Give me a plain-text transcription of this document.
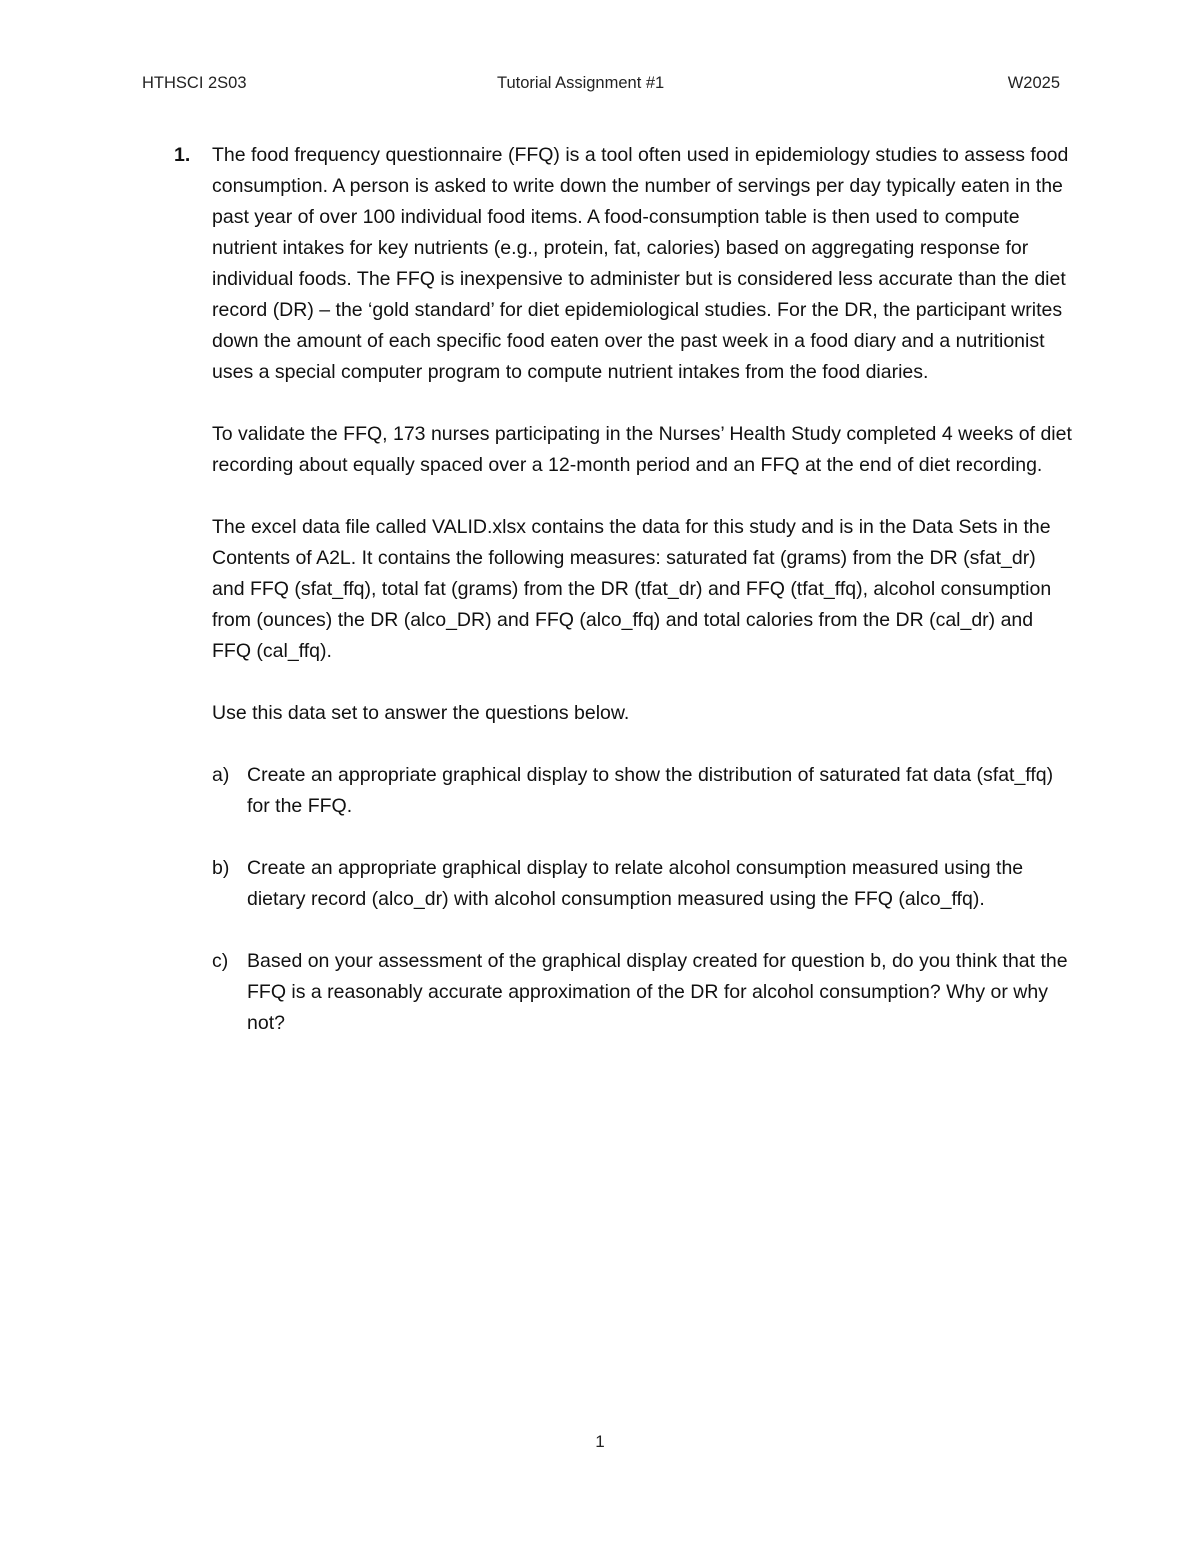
HTHSCI 2S03	Tutorial Assignment #1	W2025
1. The food frequency questionnaire (FFQ) is a tool often used in epidemiology studies to assess food consumption. A person is asked to write down the number of servings per day typically eaten in the past year of over 100 individual food items. A food-consumption table is then used to compute nutrient intakes for key nutrients (e.g., protein, fat, calories) based on aggregating response for individual foods. The FFQ is inexpensive to administer but is considered less accurate than the diet record (DR) – the ‘gold standard’ for diet epidemiological studies. For the DR, the participant writes down the amount of each specific food eaten over the past week in a food diary and a nutritionist uses a special computer program to compute nutrient intakes from the food diaries.

To validate the FFQ, 173 nurses participating in the Nurses’ Health Study completed 4 weeks of diet recording about equally spaced over a 12-month period and an FFQ at the end of diet recording.

The excel data file called VALID.xlsx contains the data for this study and is in the Data Sets in the Contents of A2L. It contains the following measures: saturated fat (grams) from the DR (sfat_dr) and FFQ (sfat_ffq), total fat (grams) from the DR (tfat_dr) and FFQ (tfat_ffq), alcohol consumption from (ounces) the DR (alco_DR) and FFQ (alco_ffq) and total calories from the DR (cal_dr) and FFQ (cal_ffq).

Use this data set to answer the questions below.

a) Create an appropriate graphical display to show the distribution of saturated fat data (sfat_ffq) for the FFQ.
b) Create an appropriate graphical display to relate alcohol consumption measured using the dietary record (alco_dr) with alcohol consumption measured using the FFQ (alco_ffq).
c) Based on your assessment of the graphical display created for question b, do you think that the FFQ is a reasonably accurate approximation of the DR for alcohol consumption? Why or why not?
1
